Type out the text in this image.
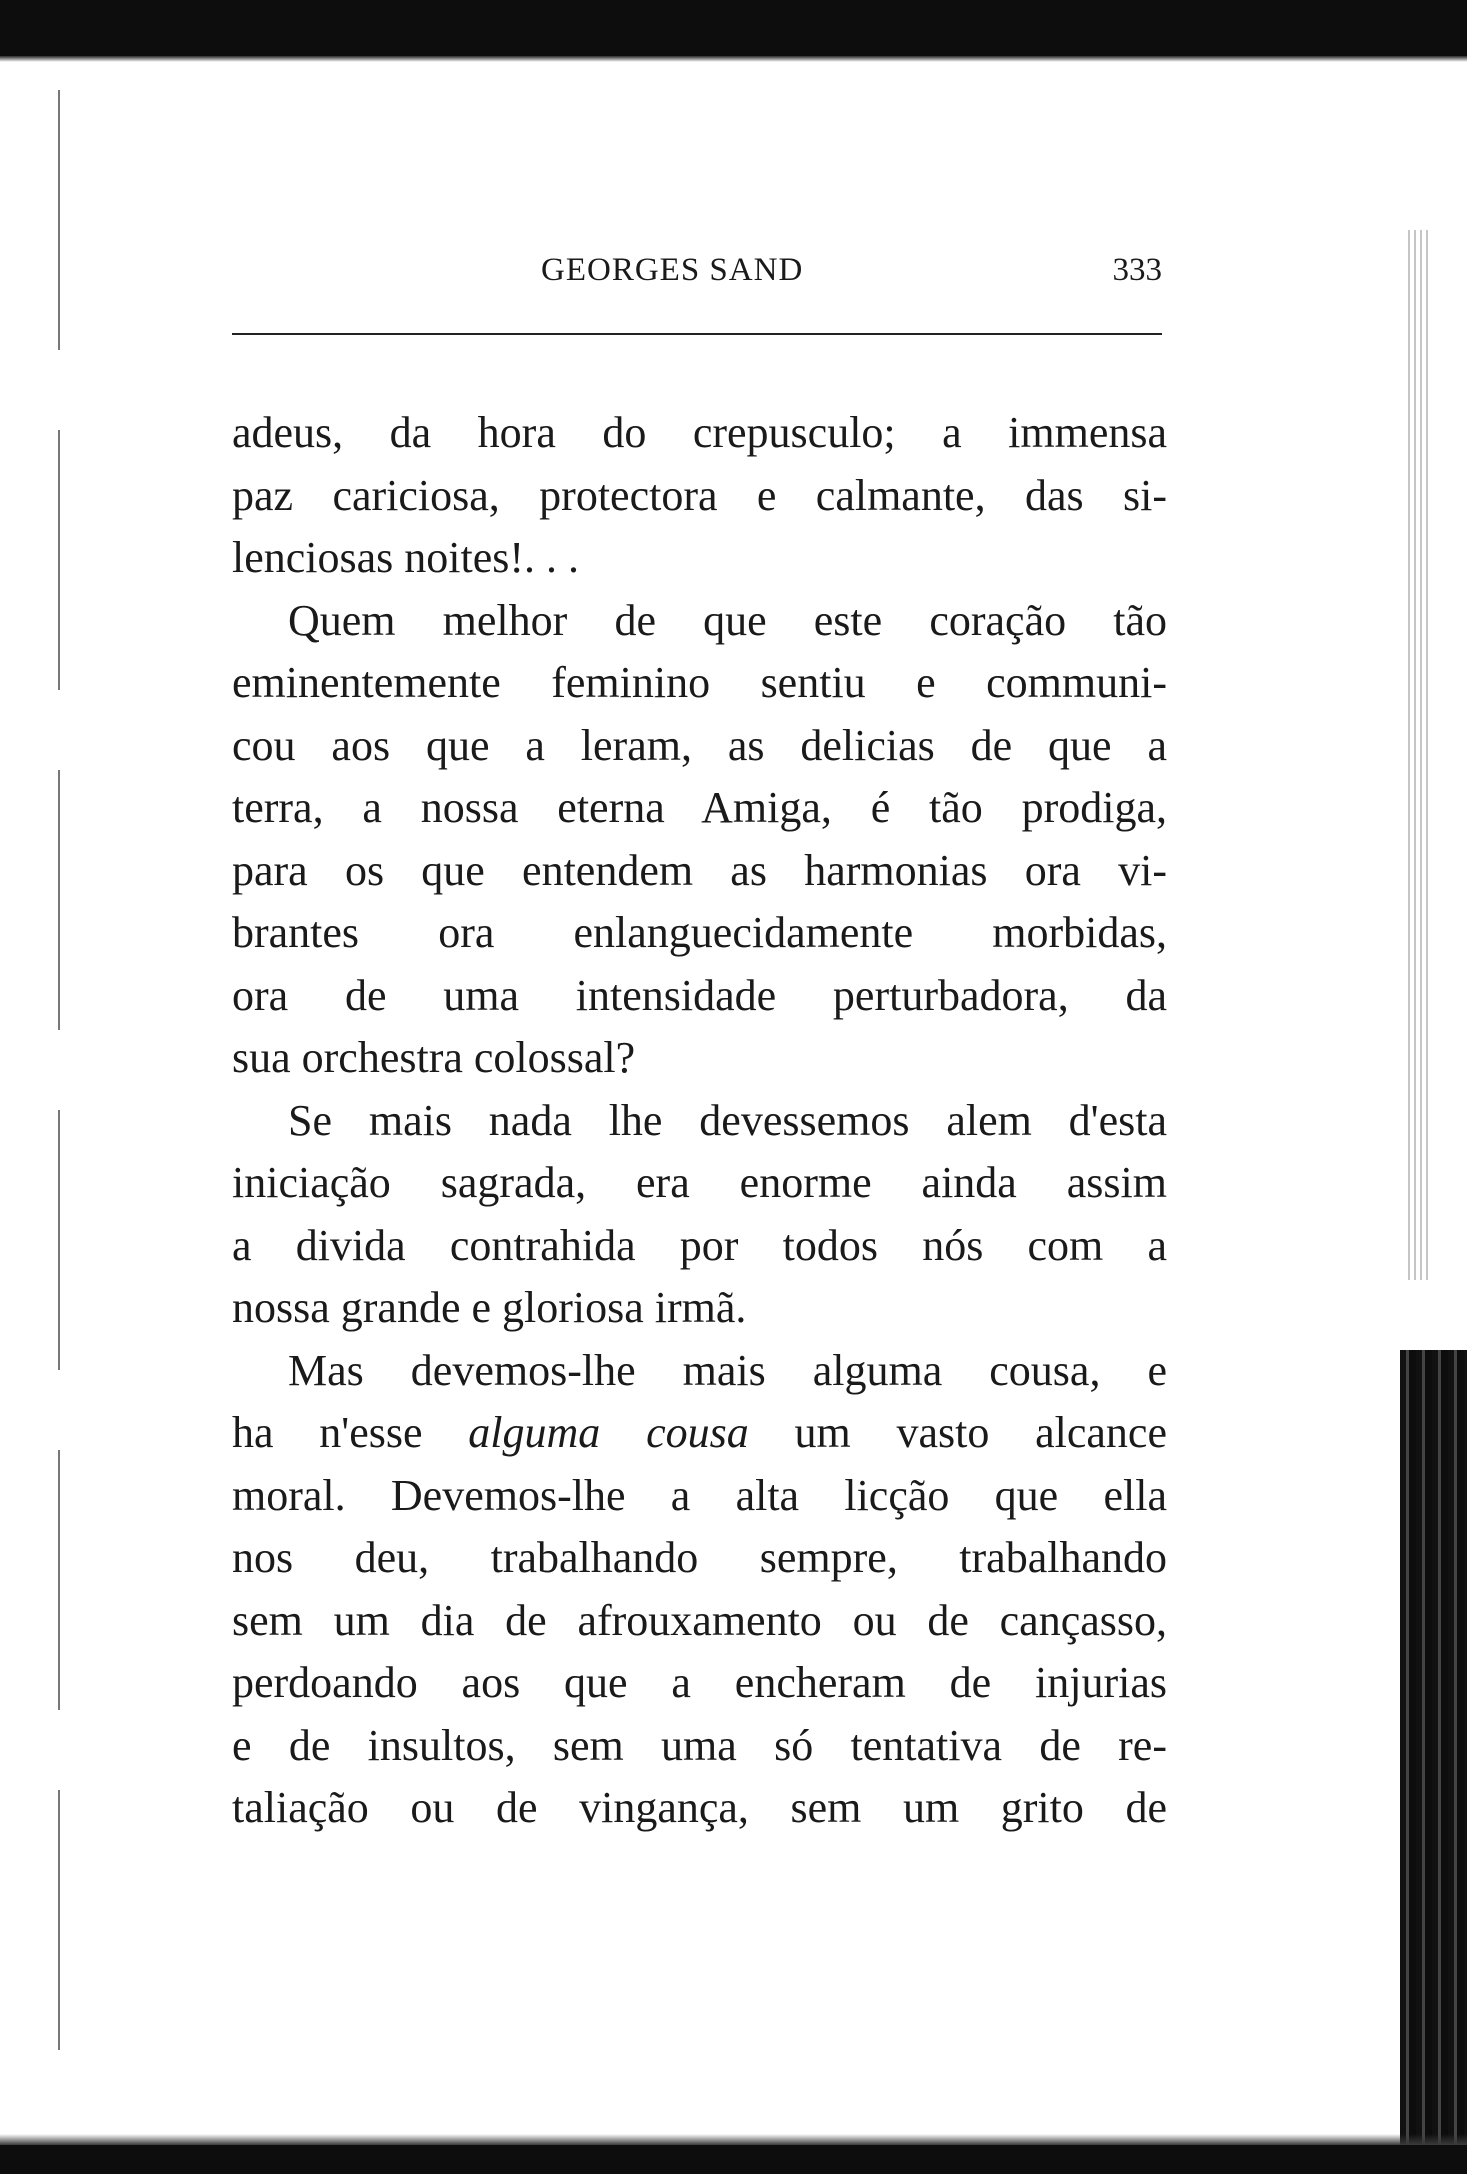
GEORGES SAND	333
adeus, da hora do crepusculo; a immensa
paz cariciosa, protectora e calmante, das si-
lenciosas noites!. . .
Quem melhor de que este coração tão
eminentemente feminino sentiu e communi-
cou aos que a leram, as delicias de que a
terra, a nossa eterna Amiga, é tão prodiga,
para os que entendem as harmonias ora vi-
brantes ora enlanguecidamente morbidas,
ora de uma intensidade perturbadora, da
sua orchestra colossal?
Se mais nada lhe devessemos alem d'esta
iniciação sagrada, era enorme ainda assim
a divida contrahida por todos nós com a
nossa grande e gloriosa irmã.
Mas devemos-lhe mais alguma cousa, e
ha n'esse alguma cousa um vasto alcance
moral. Devemos-lhe a alta licção que ella
nos deu, trabalhando sempre, trabalhando
sem um dia de afrouxamento ou de cançasso,
perdoando aos que a encheram de injurias
e de insultos, sem uma só tentativa de re-
taliação ou de vingança, sem um grito de
